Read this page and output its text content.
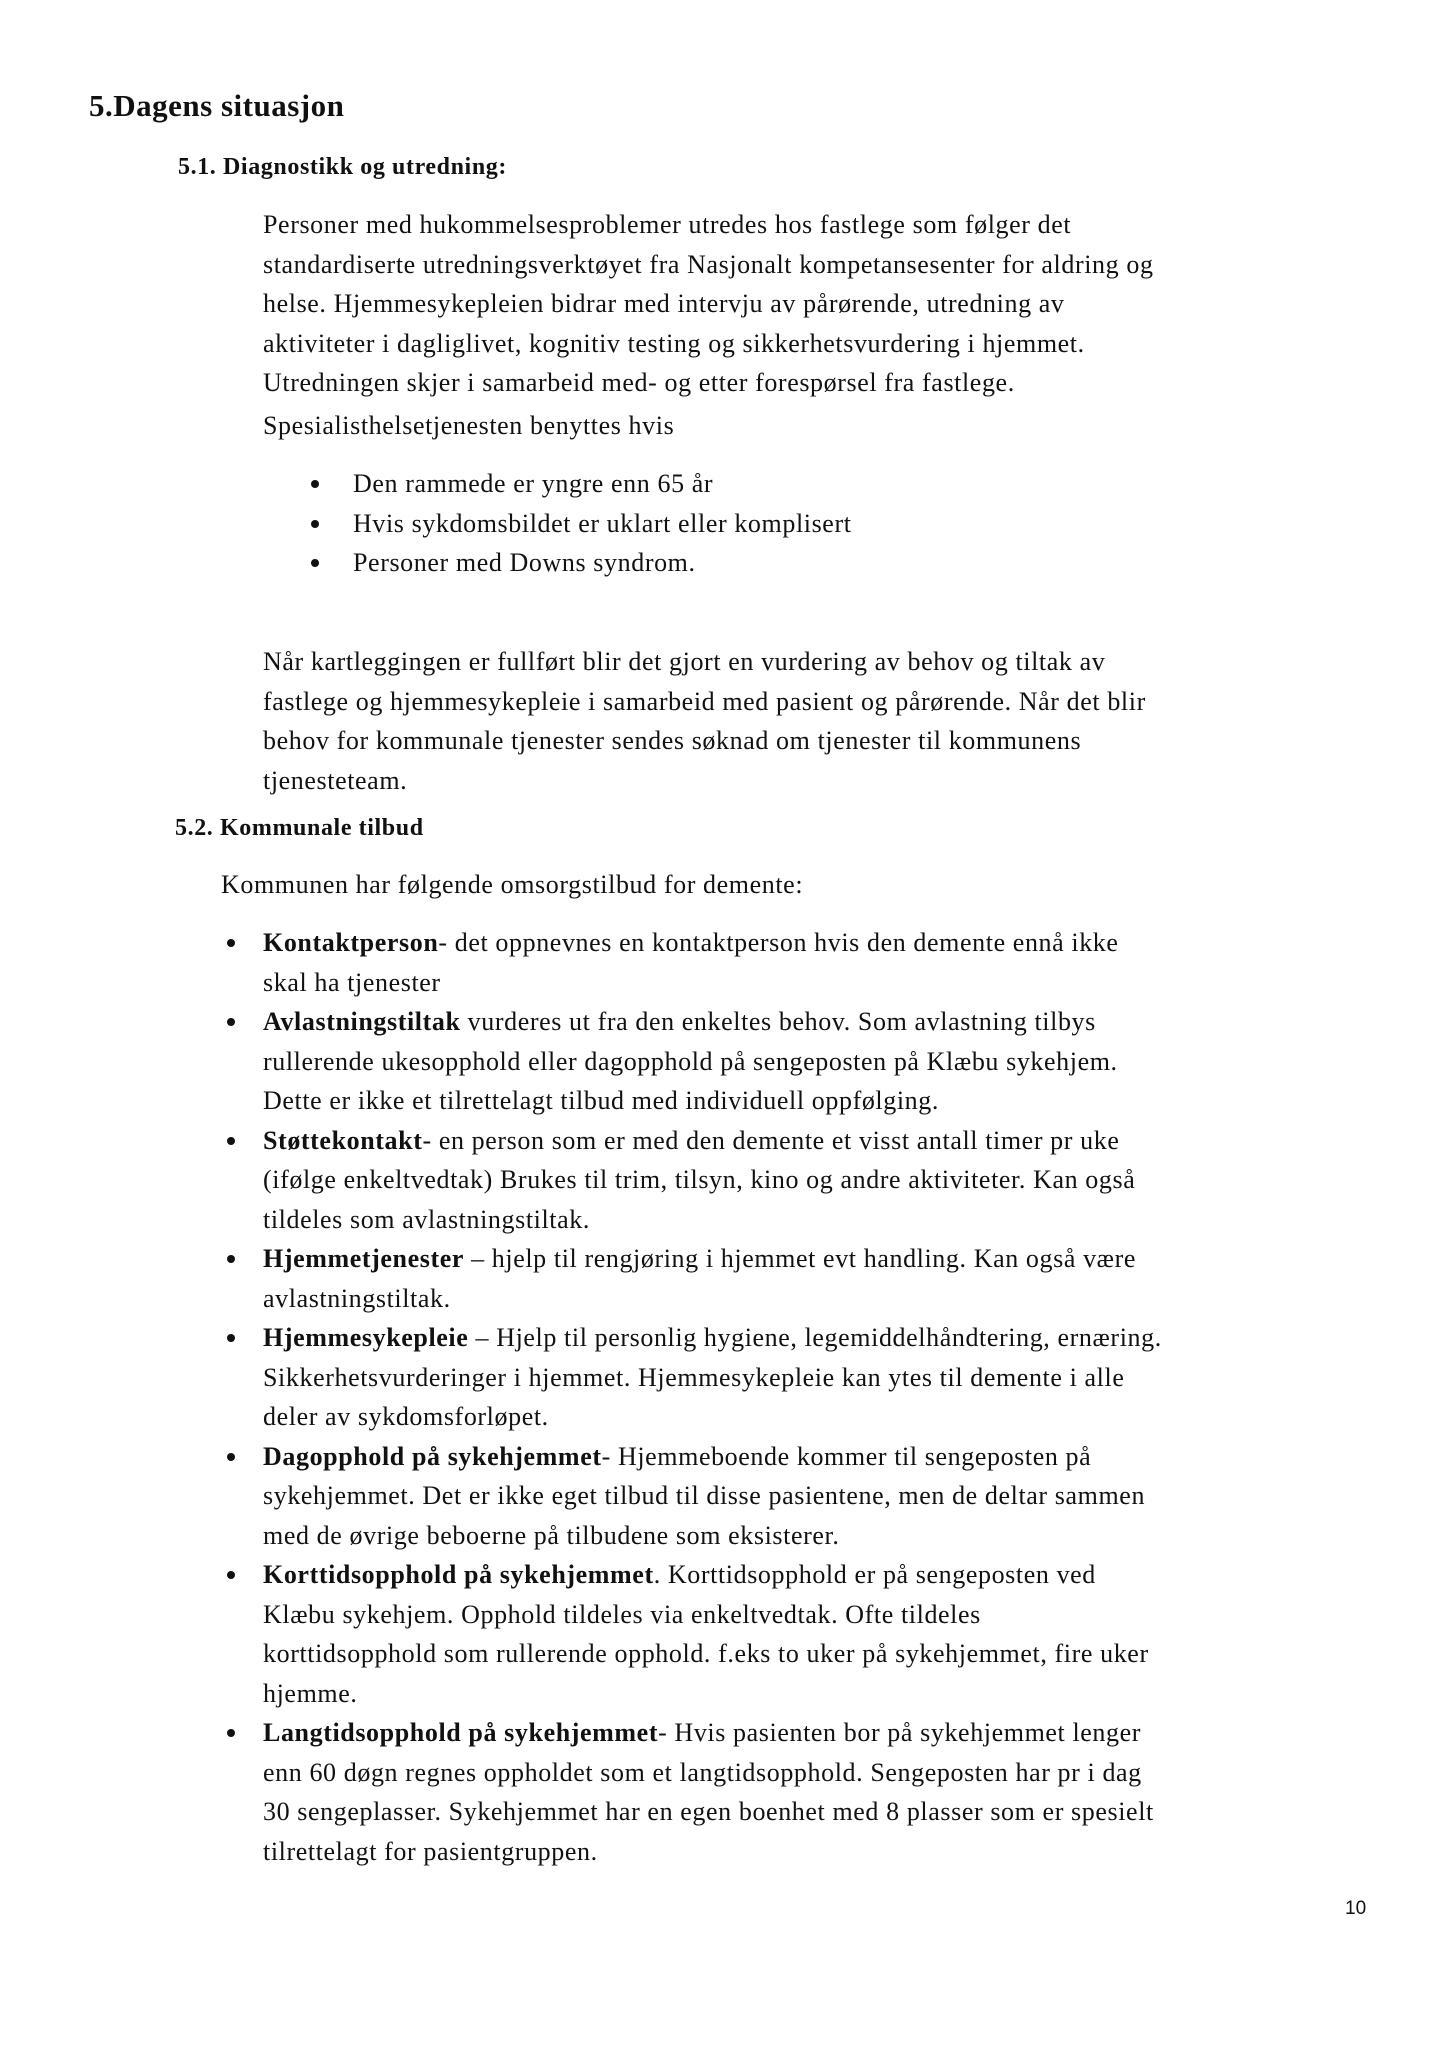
5.Dagens situasjon
5.1. Diagnostikk og utredning:

Personer med hukommelsesproblemer utredes hos fastlege som følger det

standardiserte utredningsverktøyet fra Nasjonalt kompetansesenter for aldring og

helse. Hjemmesykepleien bidrar med intervju av pårørende, utredning av

aktiviteter i dagliglivet, kognitiv testing og sikkerhetsvurdering i hjemmet.

Utredningen skjer i samarbeid med- og etter forespørsel fra fastlege.

Spesialisthelsetjenesten benyttes hvis

Den rammede er yngre enn 65 år
Hvis sykdomsbildet er uklart eller komplisert
Personer med Downs syndrom.

Når kartleggingen er fullført blir det gjort en vurdering av behov og tiltak av

fastlege og hjemmesykepleie i samarbeid med pasient og pårørende. Når det blir

behov for kommunale tjenester sendes søknad om tjenester til kommunens

tjenesteteam.

5.2. Kommunale tilbud

Kommunen har følgende omsorgstilbud for demente:

Kontaktperson- det oppnevnes en kontaktperson hvis den demente ennå ikke
skal ha tjenester
Avlastningstiltak vurderes ut fra den enkeltes behov. Som avlastning tilbys
rullerende ukesopphold eller dagopphold på sengeposten på Klæbu sykehjem.
Dette er ikke et tilrettelagt tilbud med individuell oppfølging.
Støttekontakt- en person som er med den demente et visst antall timer pr uke
(ifølge enkeltvedtak) Brukes til trim, tilsyn, kino og andre aktiviteter. Kan også
tildeles som avlastningstiltak.
Hjemmetjenester – hjelp til rengjøring i hjemmet evt handling. Kan også være
avlastningstiltak.
Hjemmesykepleie – Hjelp til personlig hygiene, legemiddelhåndtering, ernæring.
Sikkerhetsvurderinger i hjemmet. Hjemmesykepleie kan ytes til demente i alle
deler av sykdomsforløpet.
Dagopphold på sykehjemmet- Hjemmeboende kommer til sengeposten på
sykehjemmet. Det er ikke eget tilbud til disse pasientene, men de deltar sammen
med de øvrige beboerne på tilbudene som eksisterer.
Korttidsopphold på sykehjemmet. Korttidsopphold er på sengeposten ved
Klæbu sykehjem. Opphold tildeles via enkeltvedtak. Ofte tildeles
korttidsopphold som rullerende opphold. f.eks to uker på sykehjemmet, fire uker
hjemme.
Langtidsopphold på sykehjemmet- Hvis pasienten bor på sykehjemmet lenger
enn 60 døgn regnes oppholdet som et langtidsopphold. Sengeposten har pr i dag
30 sengeplasser. Sykehjemmet har en egen boenhet med 8 plasser som er spesielt
tilrettelagt for pasientgruppen.
10
